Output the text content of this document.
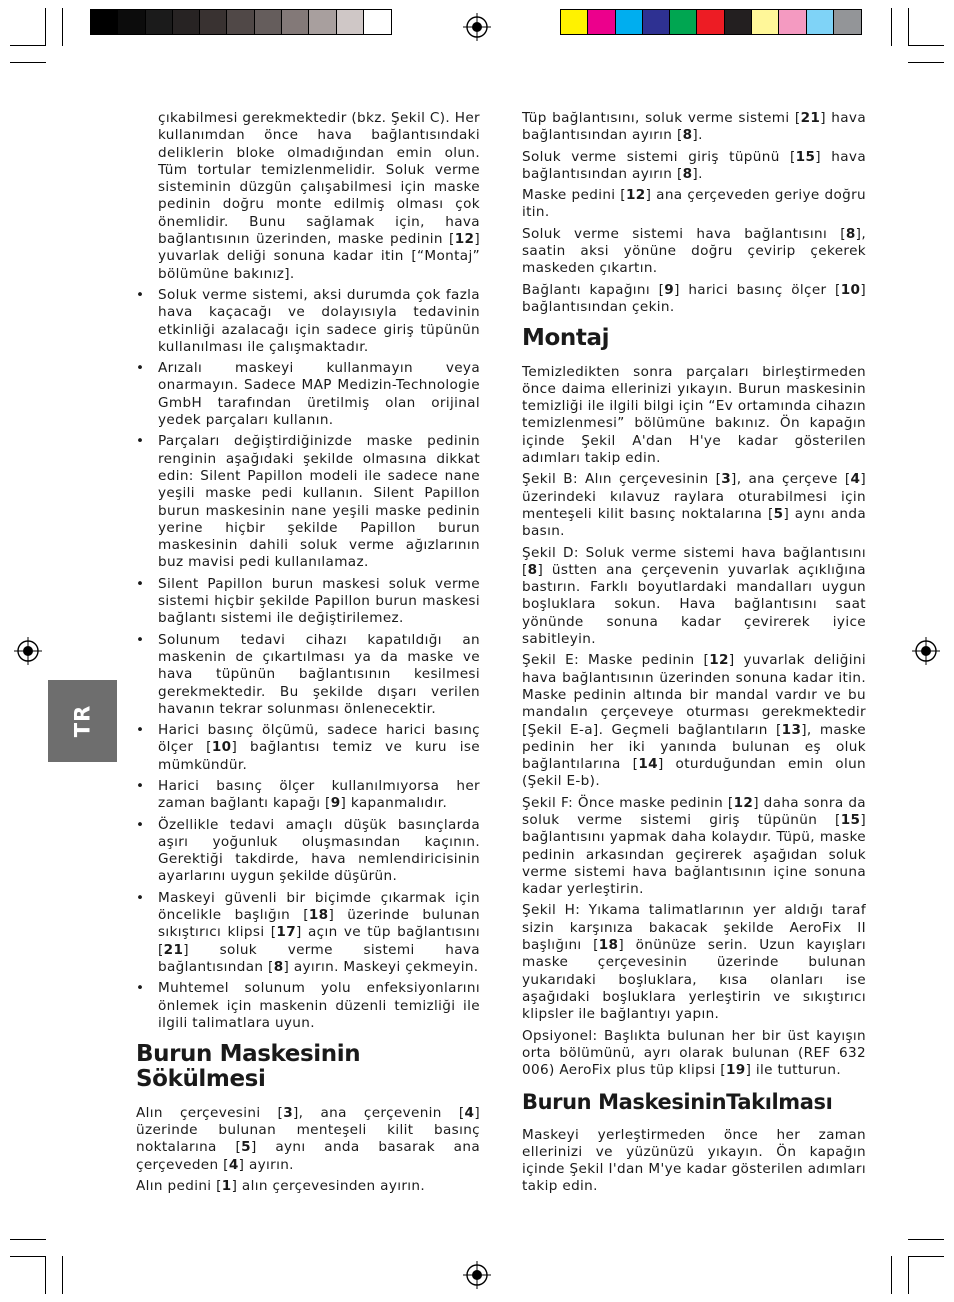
TR

çıkabilmesi gerekmektedir (bkz. Şekil C). Her kullanımdan önce hava bağlantısındaki deliklerin bloke olmadığından emin olun. Tüm tortular temizlenmelidir. Soluk verme sisteminin düzgün çalışabilmesi için maske pedinin doğru monte edilmiş olması çok önemlidir. Bunu sağlamak için, hava bağlantısının üzerinden, maske pedinin [12] yuvarlak deliği sonuna kadar itin [“Montaj” bölümüne bakınız].

• Soluk verme sistemi, aksi durumda çok fazla hava kaçacağı ve dolayısıyla tedavinin etkinliği azalacağı için sadece giriş tüpünün kullanılması ile çalışmaktadır.
• Arızalı maskeyi kullanmayın veya onarmayın. Sadece MAP Medizin-Technologie GmbH tarafından üretilmiş olan orijinal yedek parçaları kullanın.
• Parçaları değiştirdiğinizde maske pedinin renginin aşağıdaki şekilde olmasına dikkat edin: Silent Papillon modeli ile sadece nane yeşili maske pedi kullanın. Silent Papillon burun maskesinin nane yeşili maske pedinin yerine hiçbir şekilde Papillon burun maskesinin dahili soluk verme ağızlarının buz mavisi pedi kullanılamaz.
• Silent Papillon burun maskesi soluk verme sistemi hiçbir şekilde Papillon burun maskesi bağlantı sistemi ile değiştirilemez.
• Solunum tedavi cihazı kapatıldığı an maskenin de çıkartılması ya da maske ve hava tüpünün bağlantısının kesilmesi gerekmektedir. Bu şekilde dışarı verilen havanın tekrar solunması önlenecektir.
• Harici basınç ölçümü, sadece harici basınç ölçer [10] bağlantısı temiz ve kuru ise mümkündür.
• Harici basınç ölçer kullanılmıyorsa her zaman bağlantı kapağı [9] kapanmalıdır.
• Özellikle tedavi amaçlı düşük basınçlarda aşırı yoğunluk oluşmasından kaçının. Gerektiği takdirde, hava nemlendiricisinin ayarlarını uygun şekilde düşürün.
• Maskeyi güvenli bir biçimde çıkarmak için öncelikle başlığın [18] üzerinde bulunan sıkıştırıcı klipsi [17] açın ve tüp bağlantısını [21] soluk verme sistemi hava bağlantısından [8] ayırın. Maskeyi çekmeyin.
• Muhtemel solunum yolu enfeksiyonlarını önlemek için maskenin düzenli temizliği ile ilgili talimatlara uyun.
Burun Maskesinin Sökülmesi

Alın çerçevesini [3], ana çerçevenin [4] üzerinde bulunan menteşeli kilit basınç noktalarına [5] aynı anda basarak ana çerçeveden [4] ayırın.

Alın pedini [1] alın çerçevesinden ayırın.

Tüp bağlantısını, soluk verme sistemi [21] hava bağlantısından ayırın [8].

Soluk verme sistemi giriş tüpünü [15] hava bağlantısından ayırın [8].

Maske pedini [12] ana çerçeveden geriye doğru itin.

Soluk verme sistemi hava bağlantısını [8], saatin aksi yönüne doğru çevirip çekerek maskeden çıkartın.

Bağlantı kapağını [9] harici basınç ölçer [10] bağlantısından çekin.

Montaj

Temizledikten sonra parçaları birleştirmeden önce daima ellerinizi yıkayın. Burun maskesinin temizliği ile ilgili bilgi için “Ev ortamında cihazın temizlenmesi” bölümüne bakınız. Ön kapağın içinde Şekil A'dan H'ye kadar gösterilen adımları takip edin.

Şekil B: Alın çerçevesinin [3], ana çerçeve [4] üzerindeki kılavuz raylara oturabilmesi için menteşeli kilit basınç noktalarına [5] aynı anda basın.

Şekil D: Soluk verme sistemi hava bağlantısını [8] üstten ana çerçevenin yuvarlak açıklığına bastırın. Farklı boyutlardaki mandalları uygun boşluklara sokun. Hava bağlantısını saat yönünde sonuna kadar çevirerek iyice sabitleyin.

Şekil E: Maske pedinin [12] yuvarlak deliğini hava bağlantısının üzerinden sonuna kadar itin. Maske pedinin altında bir mandal vardır ve bu mandalın çerçeveye oturması gerekmektedir [Şekil E-a]. Geçmeli bağlantıların [13], maske pedinin her iki yanında bulunan eş oluk bağlantılarına [14] oturduğundan emin olun (Şekil E-b).

Şekil F: Önce maske pedinin [12] daha sonra da soluk verme sistemi giriş tüpünün [15] bağlantısını yapmak daha kolaydır. Tüpü, maske pedinin arkasından geçirerek aşağıdan soluk verme sistemi hava bağlantısının içine sonuna kadar yerleştirin.

Şekil H: Yıkama talimatlarının yer aldığı taraf sizin karşınıza bakacak şekilde AeroFix II başlığını [18] önünüze serin. Uzun kayışları maske çerçevesinin üzerinde bulunan yukarıdaki boşluklara, kısa olanları ise aşağıdaki boşluklara yerleştirin ve sıkıştırıcı klipsler ile bağlantıyı yapın.

Opsiyonel: Başlıkta bulunan her bir üst kayışın orta bölümünü, ayrı olarak bulunan (REF 632 006) AeroFix plus tüp klipsi [19] ile tutturun.

Burun MaskesininTakılması

Maskeyi yerleştirmeden önce her zaman ellerinizi ve yüzünüzü yıkayın. Ön kapağın içinde Şekil I'dan M'ye kadar gösterilen adımları takip edin.
